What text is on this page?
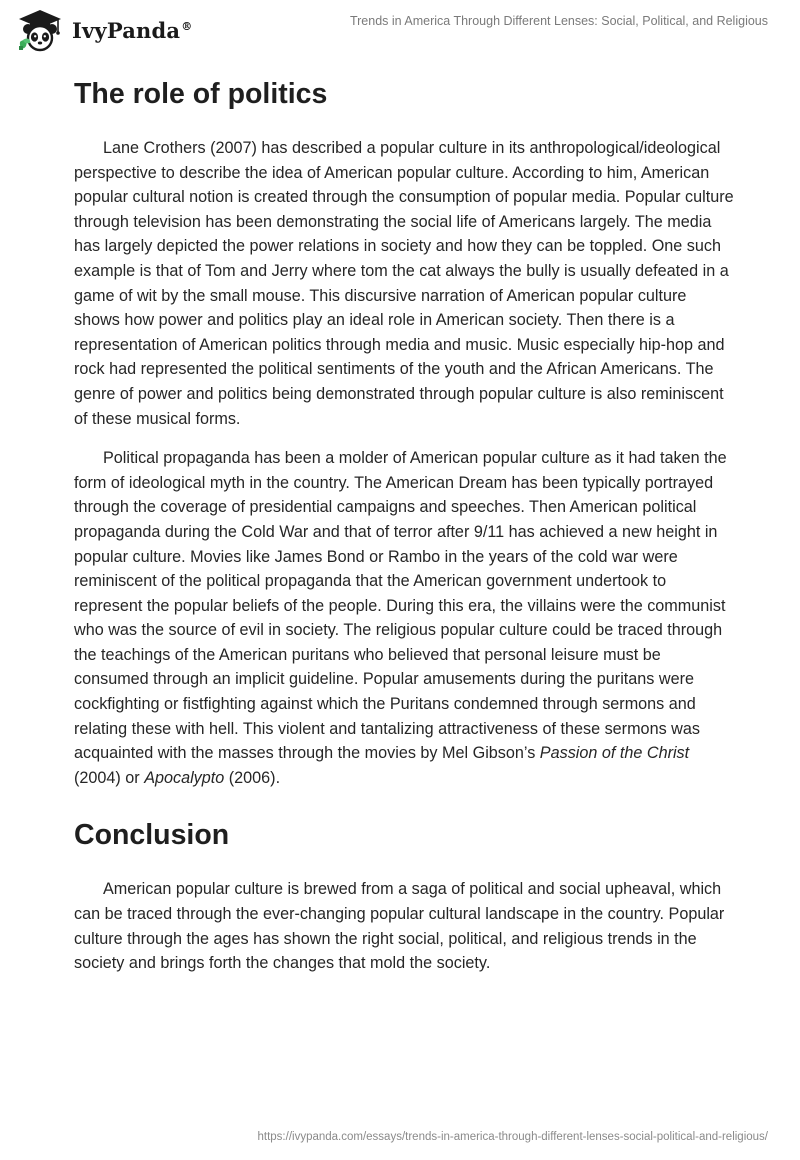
IvyPanda®	Trends in America Through Different Lenses: Social, Political, and Religious
The role of politics

Lane Crothers (2007) has described a popular culture in its anthropological/ideological perspective to describe the idea of American popular culture. According to him, American popular cultural notion is created through the consumption of popular media. Popular culture through television has been demonstrating the social life of Americans largely. The media has largely depicted the power relations in society and how they can be toppled. One such example is that of Tom and Jerry where tom the cat always the bully is usually defeated in a game of wit by the small mouse. This discursive narration of American popular culture shows how power and politics play an ideal role in American society. Then there is a representation of American politics through media and music. Music especially hip-hop and rock had represented the political sentiments of the youth and the African Americans. The genre of power and politics being demonstrated through popular culture is also reminiscent of these musical forms.

Political propaganda has been a molder of American popular culture as it had taken the form of ideological myth in the country. The American Dream has been typically portrayed through the coverage of presidential campaigns and speeches. Then American political propaganda during the Cold War and that of terror after 9/11 has achieved a new height in popular culture. Movies like James Bond or Rambo in the years of the cold war were reminiscent of the political propaganda that the American government undertook to represent the popular beliefs of the people. During this era, the villains were the communist who was the source of evil in society. The religious popular culture could be traced through the teachings of the American puritans who believed that personal leisure must be consumed through an implicit guideline. Popular amusements during the puritans were cockfighting or fistfighting against which the Puritans condemned through sermons and relating these with hell. This violent and tantalizing attractiveness of these sermons was acquainted with the masses through the movies by Mel Gibson’s Passion of the Christ (2004) or Apocalypto (2006).

Conclusion

American popular culture is brewed from a saga of political and social upheaval, which can be traced through the ever-changing popular cultural landscape in the country. Popular culture through the ages has shown the right social, political, and religious trends in the society and brings forth the changes that mold the society.

https://ivypanda.com/essays/trends-in-america-through-different-lenses-social-political-and-religious/
